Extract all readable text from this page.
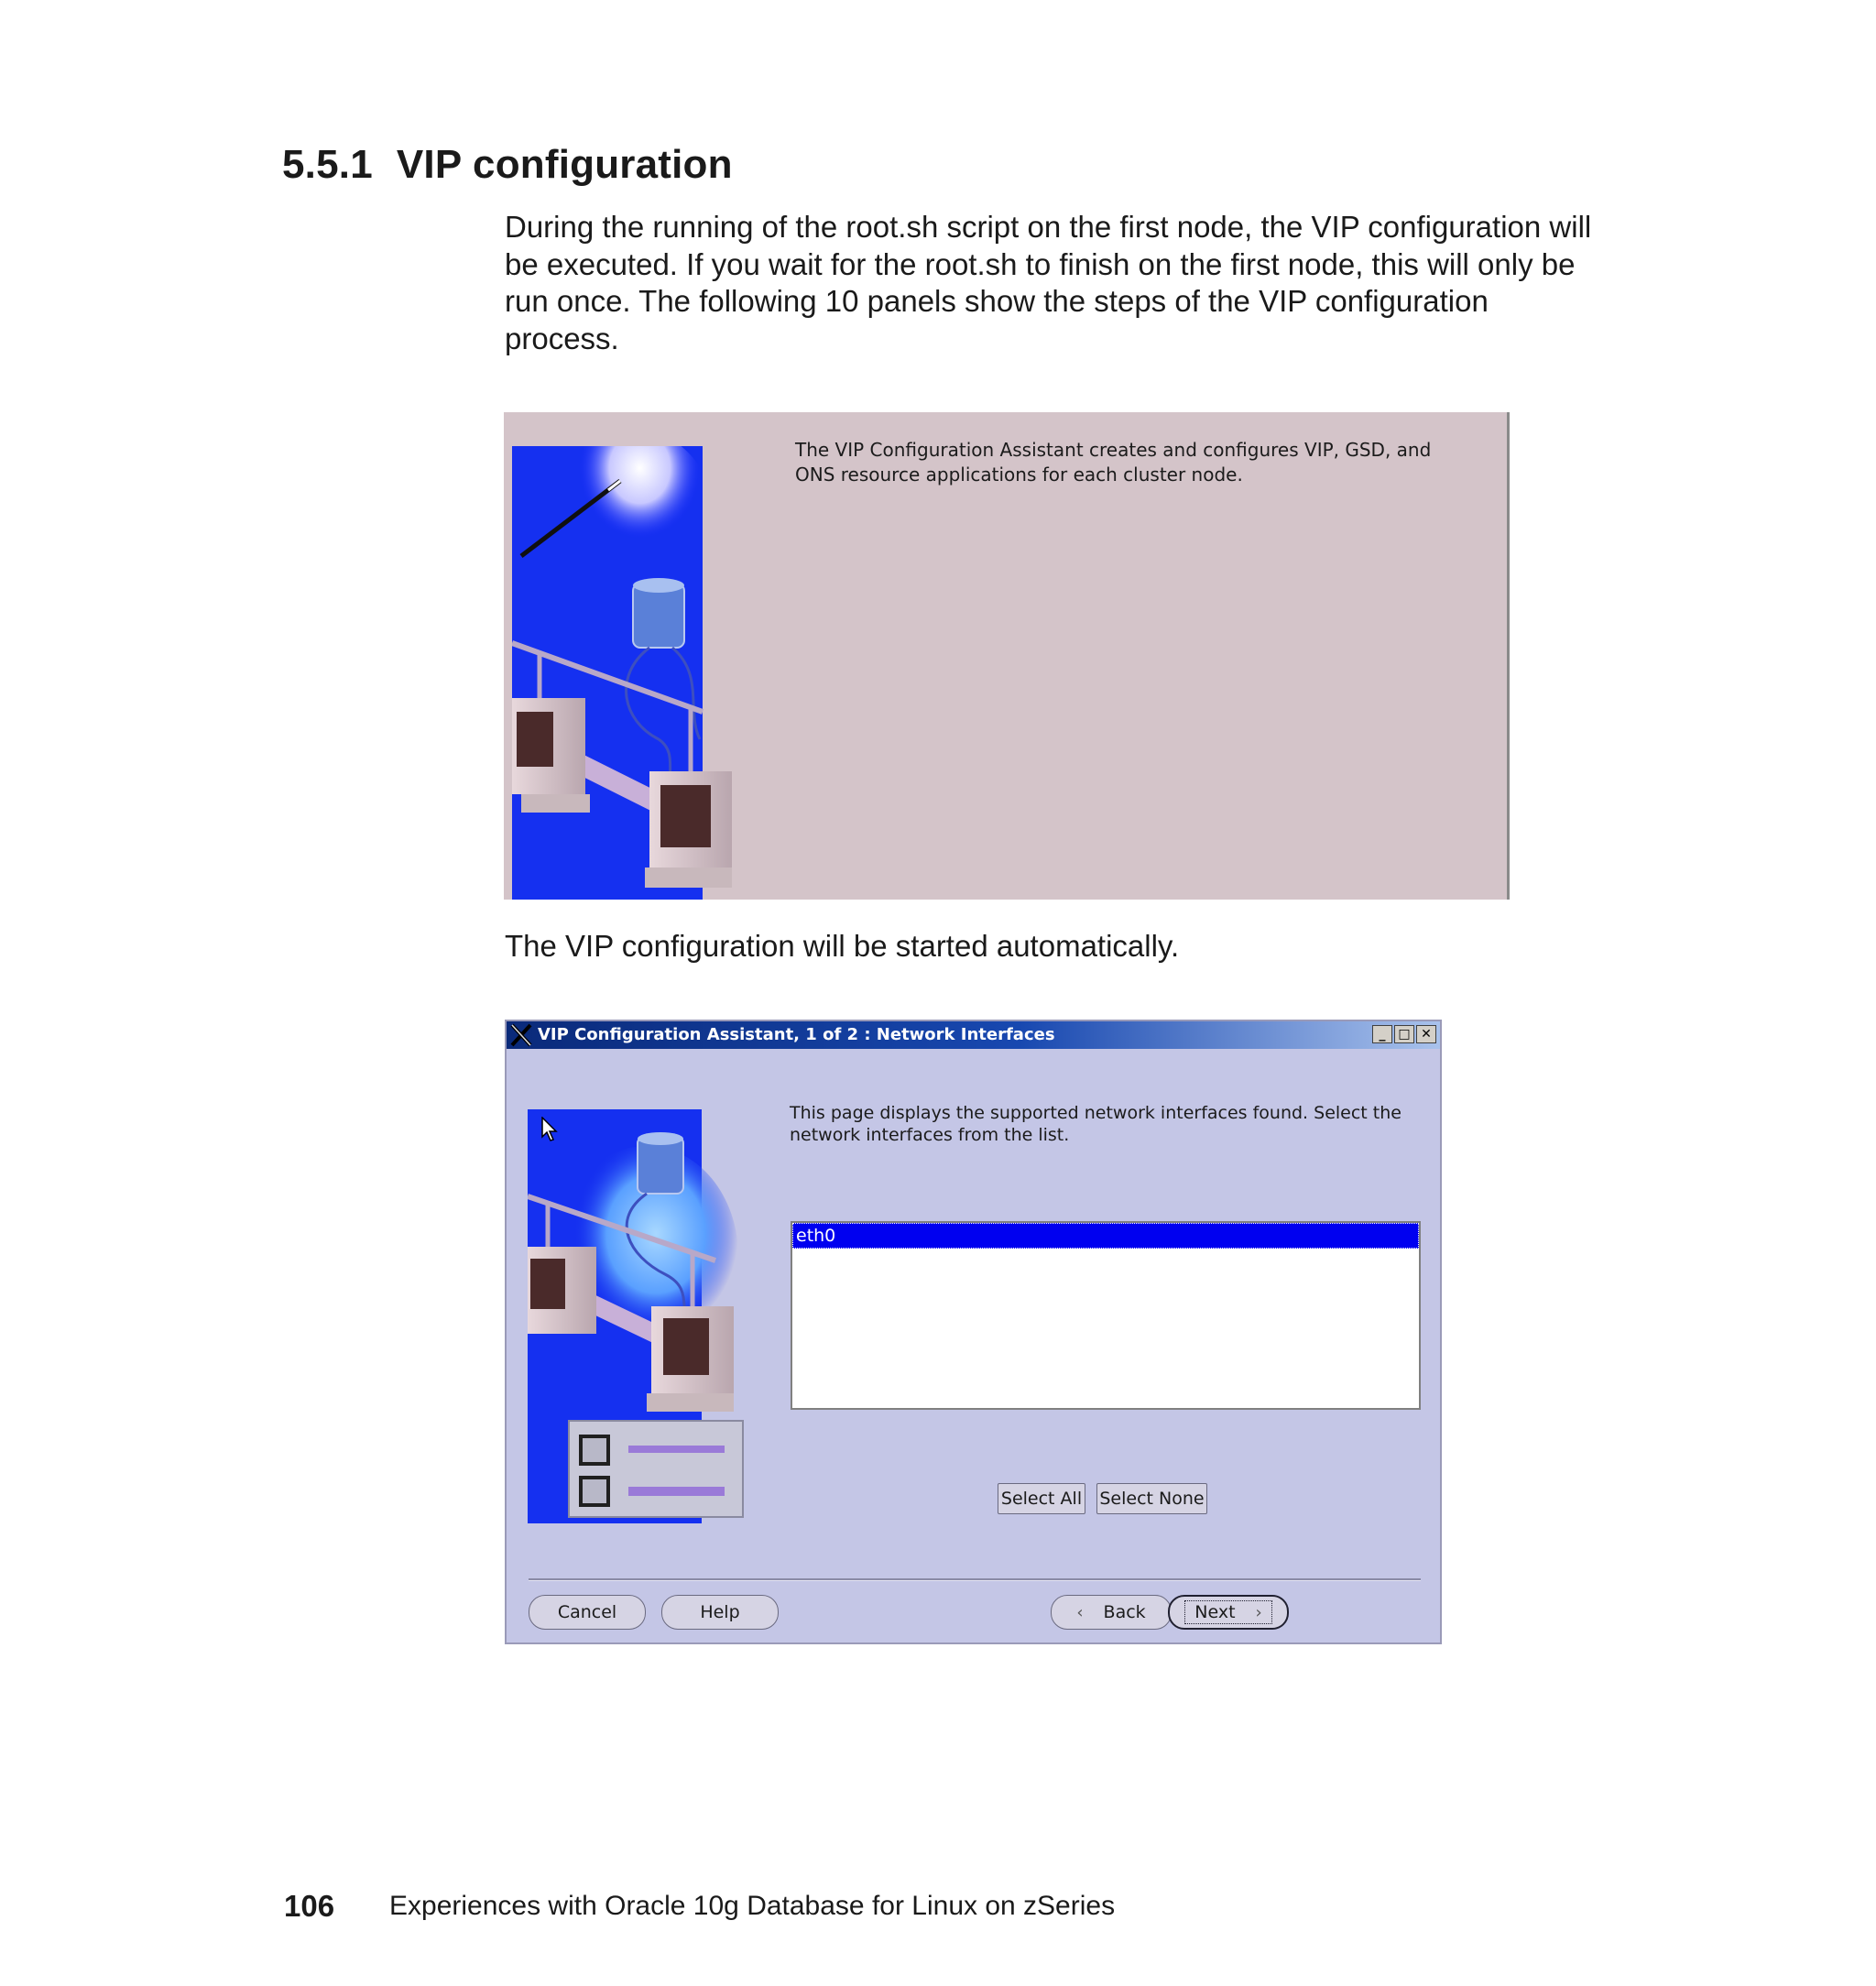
5.5.1 VIP configuration

During the running of the root.sh script on the first node, the VIP configuration will be executed. If you wait for the root.sh to finish on the first node, this will only be run once. The following 10 panels show the steps of the VIP configuration process.

The VIP Configuration Assistant creates and configures VIP, GSD, and
ONS resource applications for each cluster node.

The VIP configuration will be started automatically.

VIP Configuration Assistant, 1 of 2 : Network Interfaces	_ □ ✕
This page displays the supported network interfaces found. Select the
network interfaces from the list.
eth0
Select All Select None
Cancel	Help	‹ Back	Next ›
106 Experiences with Oracle 10g Database for Linux on zSeries
